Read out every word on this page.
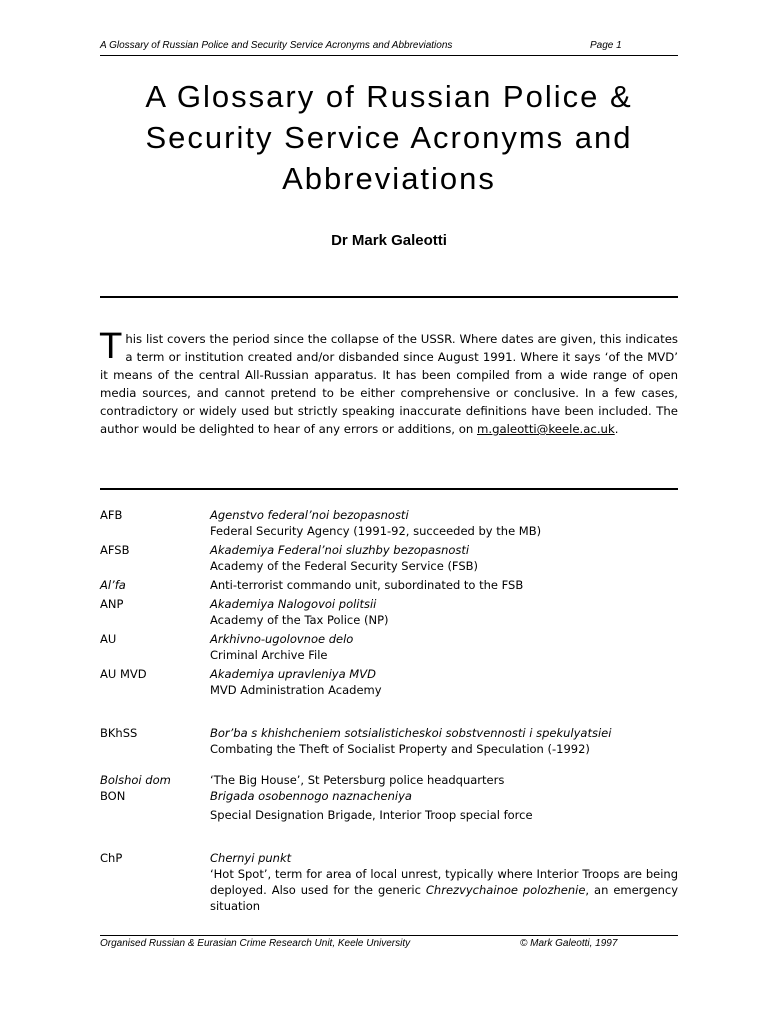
A Glossary of Russian Police and Security Service Acronyms and Abbreviations	Page 1
A Glossary of Russian Police &
Security Service Acronyms and
Abbreviations
Dr Mark Galeotti

This list covers the period since the collapse of the USSR. Where dates are given, this indicates a term or institution created and/or disbanded since August 1991. Where it says ‘of the MVD’ it means of the central All-Russian apparatus. It has been compiled from a wide range of open media sources, and cannot pretend to be either comprehensive or conclusive. In a few cases, contradictory or widely used but strictly speaking inaccurate definitions have been included. The author would be delighted to hear of any errors or additions, on m.galeotti@keele.ac.uk.

AFB	Agenstvo federal’noi bezopasnosti
Federal Security Agency (1991-92, succeeded by the MB)
AFSB	Akademiya Federal’noi sluzhby bezopasnosti
Academy of the Federal Security Service (FSB)
Al’fa	Anti-terrorist commando unit, subordinated to the FSB
ANP	Akademiya Nalogovoi politsii
Academy of the Tax Police (NP)
AU	Arkhivno-ugolovnoe delo
Criminal Archive File
AU MVD	Akademiya upravleniya MVD
MVD Administration Academy
BKhSS	Bor’ba s khishcheniem sotsialisticheskoi sobstvennosti i spekulyatsiei
Combating the Theft of Socialist Property and Speculation (-1992)
Bolshoi dom	‘The Big House’, St Petersburg police headquarters
BON	Brigada osobennogo naznacheniya
Special Designation Brigade, Interior Troop special force
ChP	Chernyi punkt
‘Hot Spot’, term for area of local unrest, typically where Interior Troops are being deployed. Also used for the generic Chrezvychainoe polozhenie, an emergency situation
Organised Russian & Eurasian Crime Research Unit, Keele University	© Mark Galeotti, 1997
